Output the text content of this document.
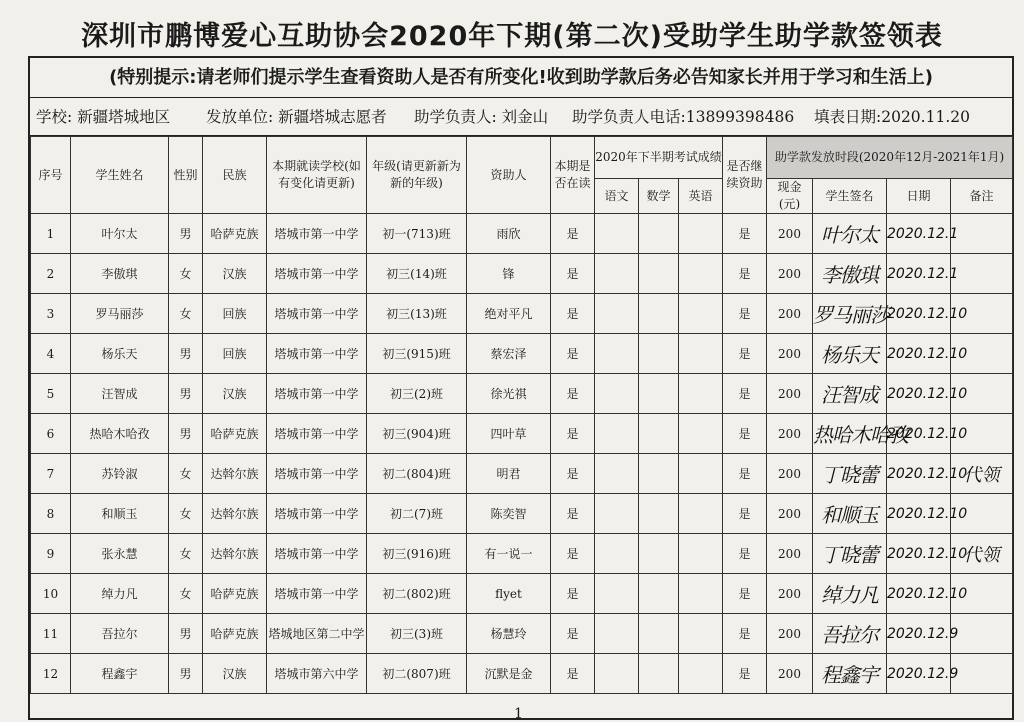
深圳市鹏博爱心互助协会2020年下期(第二次)受助学生助学款签领表
(特别提示:请老师们提示学生查看资助人是否有所变化!收到助学款后务必告知家长并用于学习和生活上)
学校: 新疆塔城地区 发放单位: 新疆塔城志愿者 助学负责人: 刘金山 助学负责人电话:13899398486 填表日期:2020.11.20
序号	学生姓名	性别	民族	本期就读学校(如有变化请更新)	年级(请更新新为新的年级)	资助人	本期是否在读	2020年下半期考试成绩			是否继续资助	助学款发放时段(2020年12月-2021年1月)			
								语文	数学	英语		现金(元)	学生签名	日期	备注
1	叶尔太	男	哈萨克族	塔城市第一中学	初一(713)班	雨欣	是				是	200	叶尔太	2020.12.1	
2	李傲琪	女	汉族	塔城市第一中学	初三(14)班	锋	是				是	200	李傲琪	2020.12.1	
3	罗马丽莎	女	回族	塔城市第一中学	初三(13)班	绝对平凡	是				是	200	罗马丽莎	2020.12.10	
4	杨乐天	男	回族	塔城市第一中学	初三(915)班	蔡宏泽	是				是	200	杨乐天	2020.12.10	
5	汪智成	男	汉族	塔城市第一中学	初三(2)班	徐光祺	是				是	200	汪智成	2020.12.10	
6	热哈木哈孜	男	哈萨克族	塔城市第一中学	初三(904)班	四叶草	是				是	200	热哈木哈孜	2020.12.10	
7	苏铃淑	女	达斡尔族	塔城市第一中学	初二(804)班	明君	是				是	200	丁晓蕾	2020.12.10	代领
8	和顺玉	女	达斡尔族	塔城市第一中学	初二(7)班	陈奕智	是				是	200	和顺玉	2020.12.10	
9	张永慧	女	达斡尔族	塔城市第一中学	初三(916)班	有一说一	是				是	200	丁晓蕾	2020.12.10	代领
10	绰力凡	女	哈萨克族	塔城市第一中学	初二(802)班	flyet	是				是	200	绰力凡	2020.12.10	
11	吾拉尔	男	哈萨克族	塔城地区第二中学	初三(3)班	杨慧玲	是				是	200	吾拉尔	2020.12.9	
12	程鑫宇	男	汉族	塔城市第六中学	初二(807)班	沉默是金	是				是	200	程鑫宇	2020.12.9	
1
